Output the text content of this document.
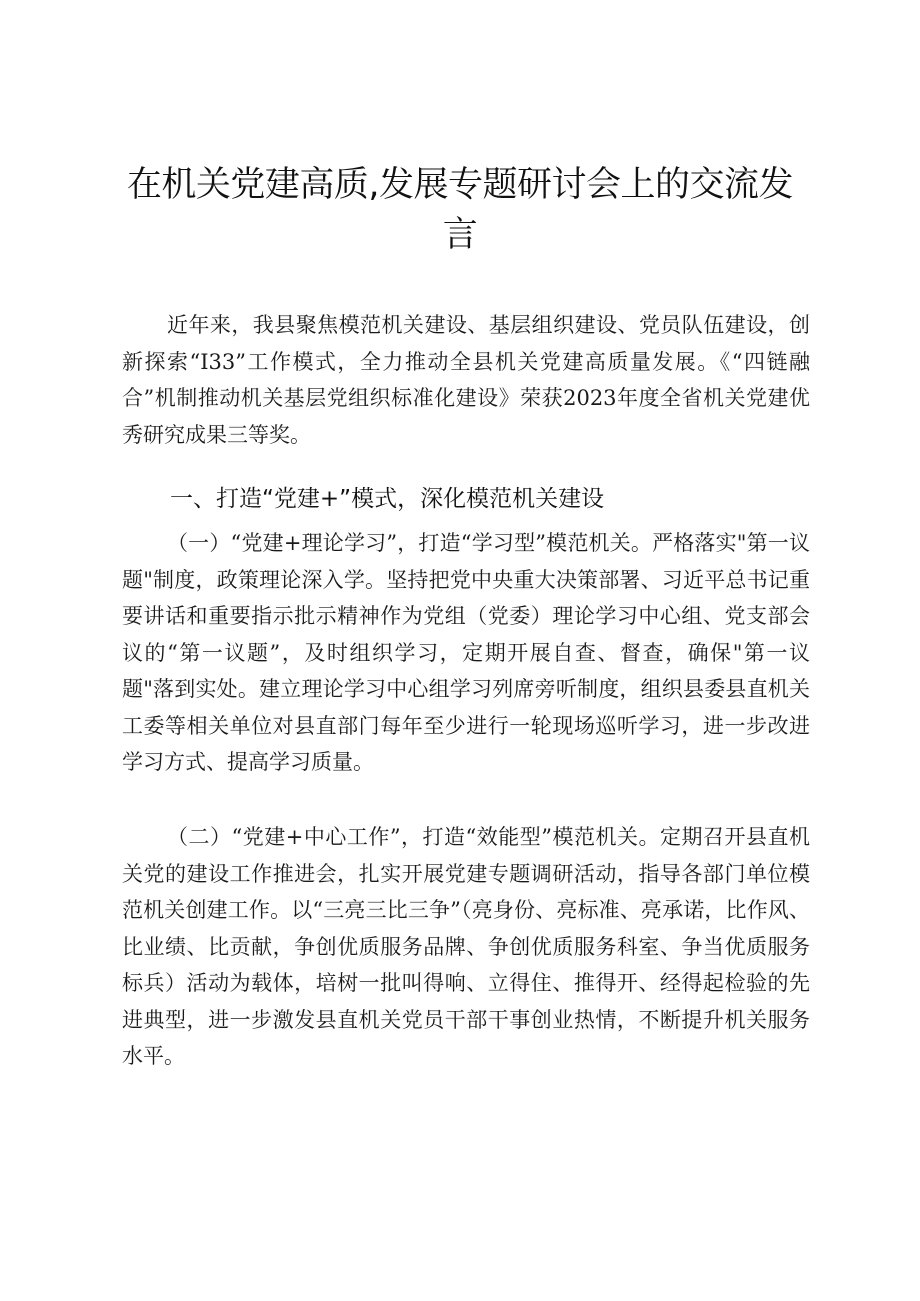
在机关党建高质,发展专题研讨会上的交流发言

近年来，我县聚焦模范机关建设、基层组织建设、党员队伍建设，创新探索“I33”工作模式，全力推动全县机关党建高质量发展。《“四链融合”机制推动机关基层党组织标准化建设》荣获2023年度全省机关党建优秀研究成果三等奖。

一、打造“党建+”模式，深化模范机关建设

（一）“党建+理论学习”，打造“学习型”模范机关。严格落实"第一议题"制度，政策理论深入学。坚持把党中央重大决策部署、习近平总书记重要讲话和重要指示批示精神作为党组（党委）理论学习中心组、党支部会议的“第一议题”，及时组织学习，定期开展自查、督查，确保"第一议题"落到实处。建立理论学习中心组学习列席旁听制度，组织县委县直机关工委等相关单位对县直部门每年至少进行一轮现场巡听学习，进一步改进学习方式、提高学习质量。

（二）“党建+中心工作”，打造“效能型”模范机关。定期召开县直机关党的建设工作推进会，扎实开展党建专题调研活动，指导各部门单位模范机关创建工作。以“三亮三比三争”（亮身份、亮标准、亮承诺，比作风、比业绩、比贡献，争创优质服务品牌、争创优质服务科室、争当优质服务标兵）活动为载体，培树一批叫得响、立得住、推得开、经得起检验的先进典型，进一步激发县直机关党员干部干事创业热情，不断提升机关服务水平。
